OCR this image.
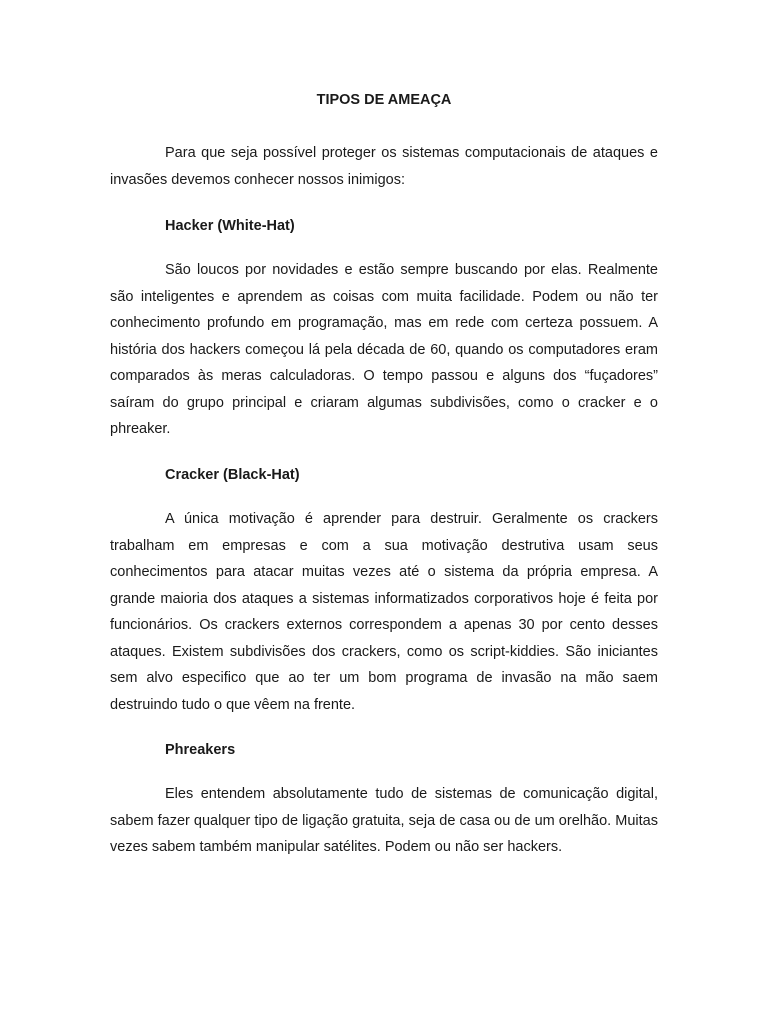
TIPOS DE AMEAÇA

Para que seja possível proteger os sistemas computacionais de ataques e invasões devemos conhecer nossos inimigos:

Hacker (White-Hat)

São loucos por novidades e estão sempre buscando por elas. Realmente são inteligentes e aprendem as coisas com muita facilidade. Podem ou não ter conhecimento profundo em programação, mas em rede com certeza possuem. A história dos hackers começou lá pela década de 60, quando os computadores eram comparados às meras calculadoras. O tempo passou e alguns dos “fuçadores” saíram do grupo principal e criaram algumas subdivisões, como o cracker e o phreaker.

Cracker (Black-Hat)

A única motivação é aprender para destruir. Geralmente os crackers trabalham em empresas e com a sua motivação destrutiva usam seus conhecimentos para atacar muitas vezes até o sistema da própria empresa. A grande maioria dos ataques a sistemas informatizados corporativos hoje é feita por funcionários. Os crackers externos correspondem a apenas 30 por cento desses ataques. Existem subdivisões dos crackers, como os script-kiddies. São iniciantes sem alvo especifico que ao ter um bom programa de invasão na mão saem destruindo tudo o que vêem na frente.

Phreakers

Eles entendem absolutamente tudo de sistemas de comunicação digital, sabem fazer qualquer tipo de ligação gratuita, seja de casa ou de um orelhão. Muitas vezes sabem também manipular satélites. Podem ou não ser hackers.
